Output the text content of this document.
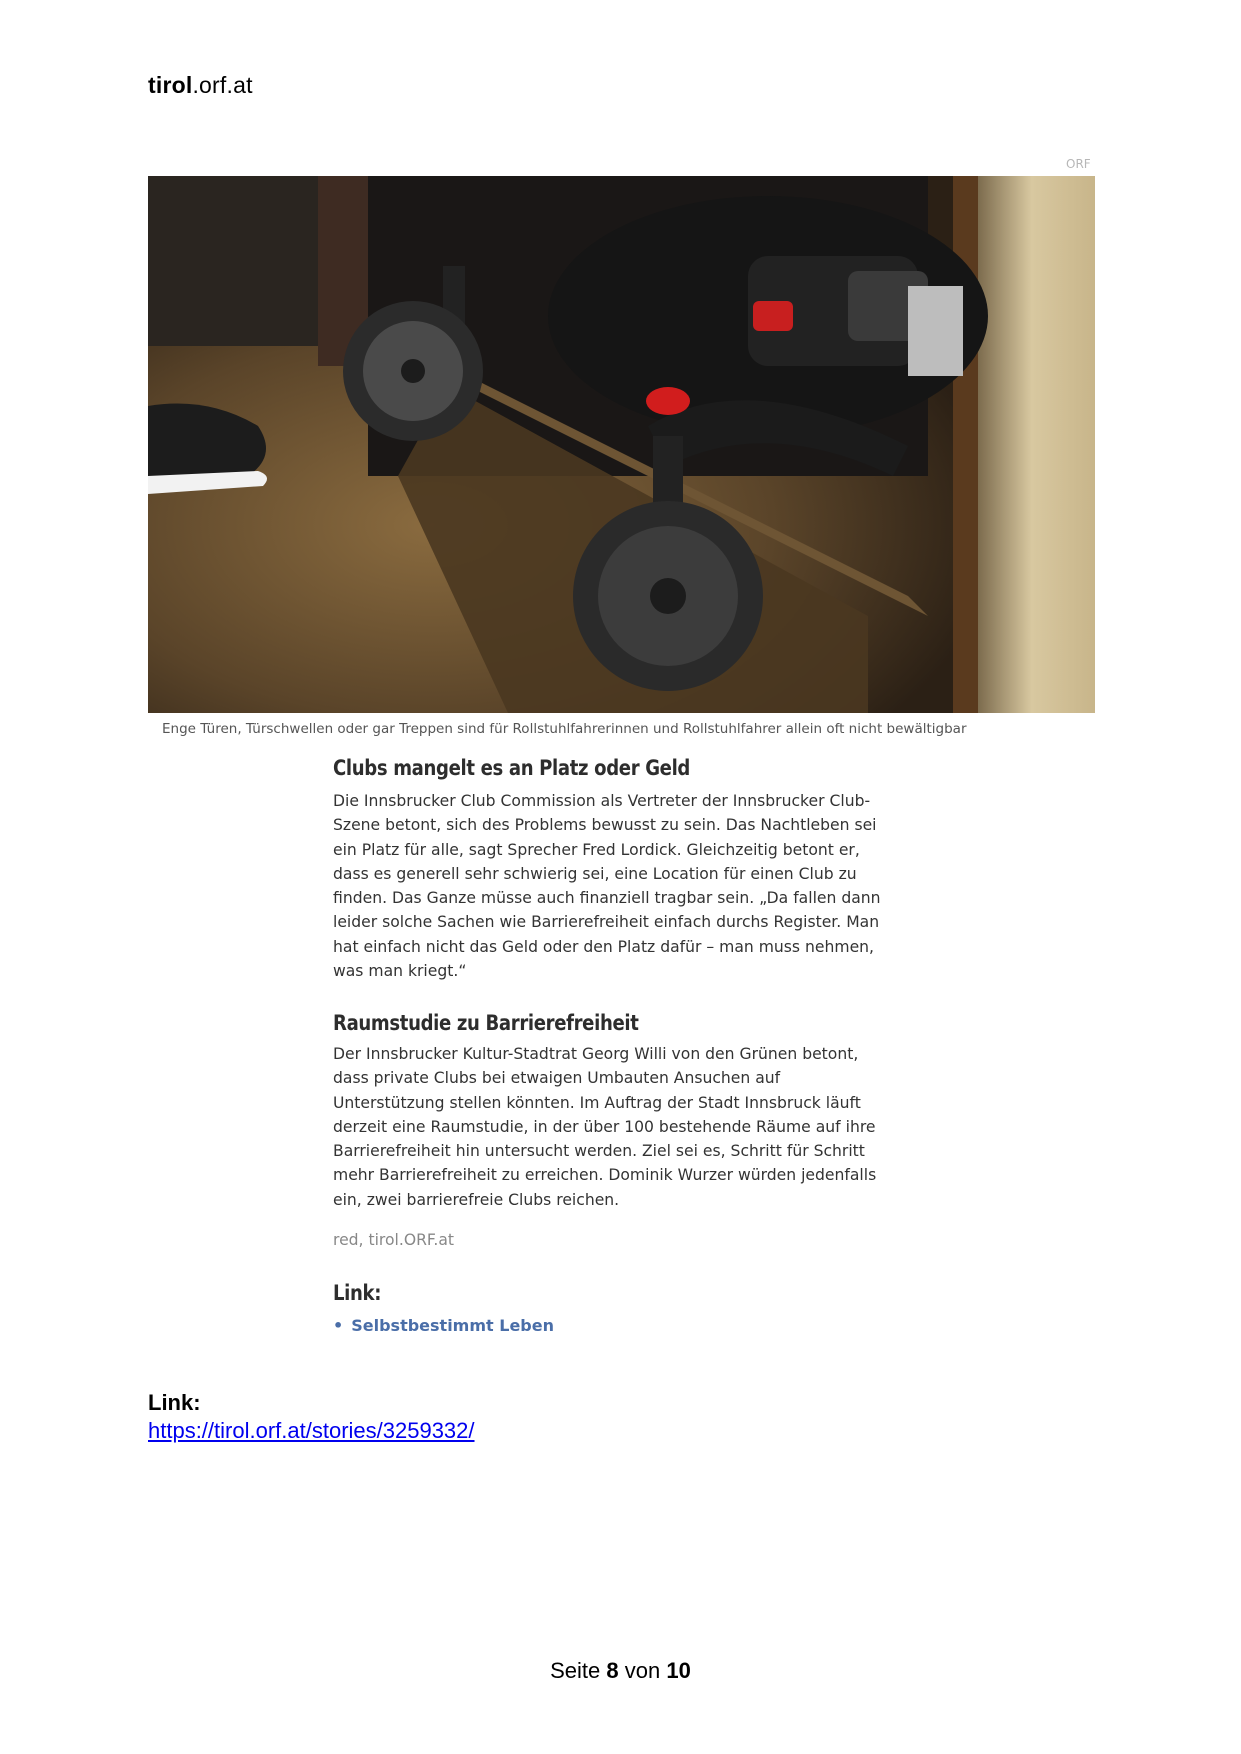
tirol.orf.at
ORF
Enge Türen, Türschwellen oder gar Treppen sind für Rollstuhlfahrerinnen und Rollstuhlfahrer allein oft nicht bewältigbar
Clubs mangelt es an Platz oder Geld
Die Innsbrucker Club Commission als Vertreter der Innsbrucker Club-
Szene betont, sich des Problems bewusst zu sein. Das Nachtleben sei
ein Platz für alle, sagt Sprecher Fred Lordick. Gleichzeitig betont er,
dass es generell sehr schwierig sei, eine Location für einen Club zu
finden. Das Ganze müsse auch finanziell tragbar sein. „Da fallen dann
leider solche Sachen wie Barrierefreiheit einfach durchs Register. Man
hat einfach nicht das Geld oder den Platz dafür – man muss nehmen,
was man kriegt.“
Raumstudie zu Barrierefreiheit
Der Innsbrucker Kultur-Stadtrat Georg Willi von den Grünen betont,
dass private Clubs bei etwaigen Umbauten Ansuchen auf
Unterstützung stellen könnten. Im Auftrag der Stadt Innsbruck läuft
derzeit eine Raumstudie, in der über 100 bestehende Räume auf ihre
Barrierefreiheit hin untersucht werden. Ziel sei es, Schritt für Schritt
mehr Barrierefreiheit zu erreichen. Dominik Wurzer würden jedenfalls
ein, zwei barrierefreie Clubs reichen.
red, tirol.ORF.at
Link:
• Selbstbestimmt Leben
Link:
https://tirol.orf.at/stories/3259332/
Seite 8 von 10
